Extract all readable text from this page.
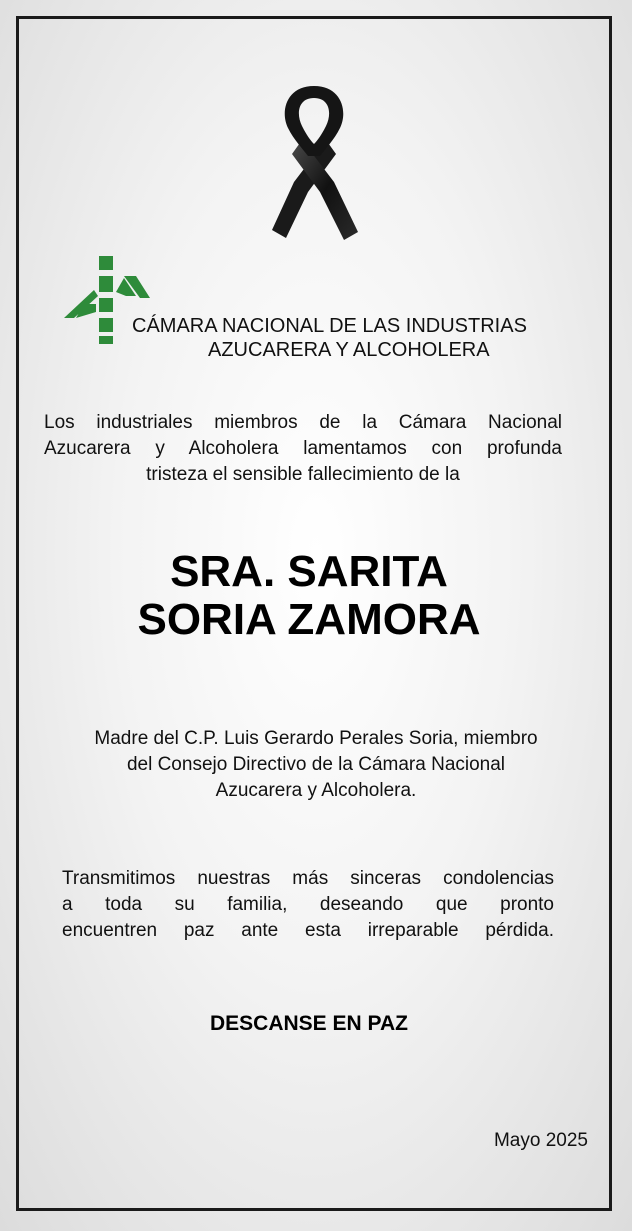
CÁMARA NACIONAL DE LAS INDUSTRIAS
AZUCARERA Y ALCOHOLERA

Los industriales miembros de la Cámara Nacional
Azucarera y Alcoholera lamentamos con profunda
tristeza el sensible fallecimiento de la

SRA. SARITA
SORIA ZAMORA

Madre del C.P. Luis Gerardo Perales Soria, miembro
del Consejo Directivo de la Cámara Nacional
Azucarera y Alcoholera.

Transmitimos nuestras más sinceras condolencias
a toda su familia, deseando que pronto
encuentren paz ante esta irreparable pérdida.

DESCANSE EN PAZ
Mayo 2025
